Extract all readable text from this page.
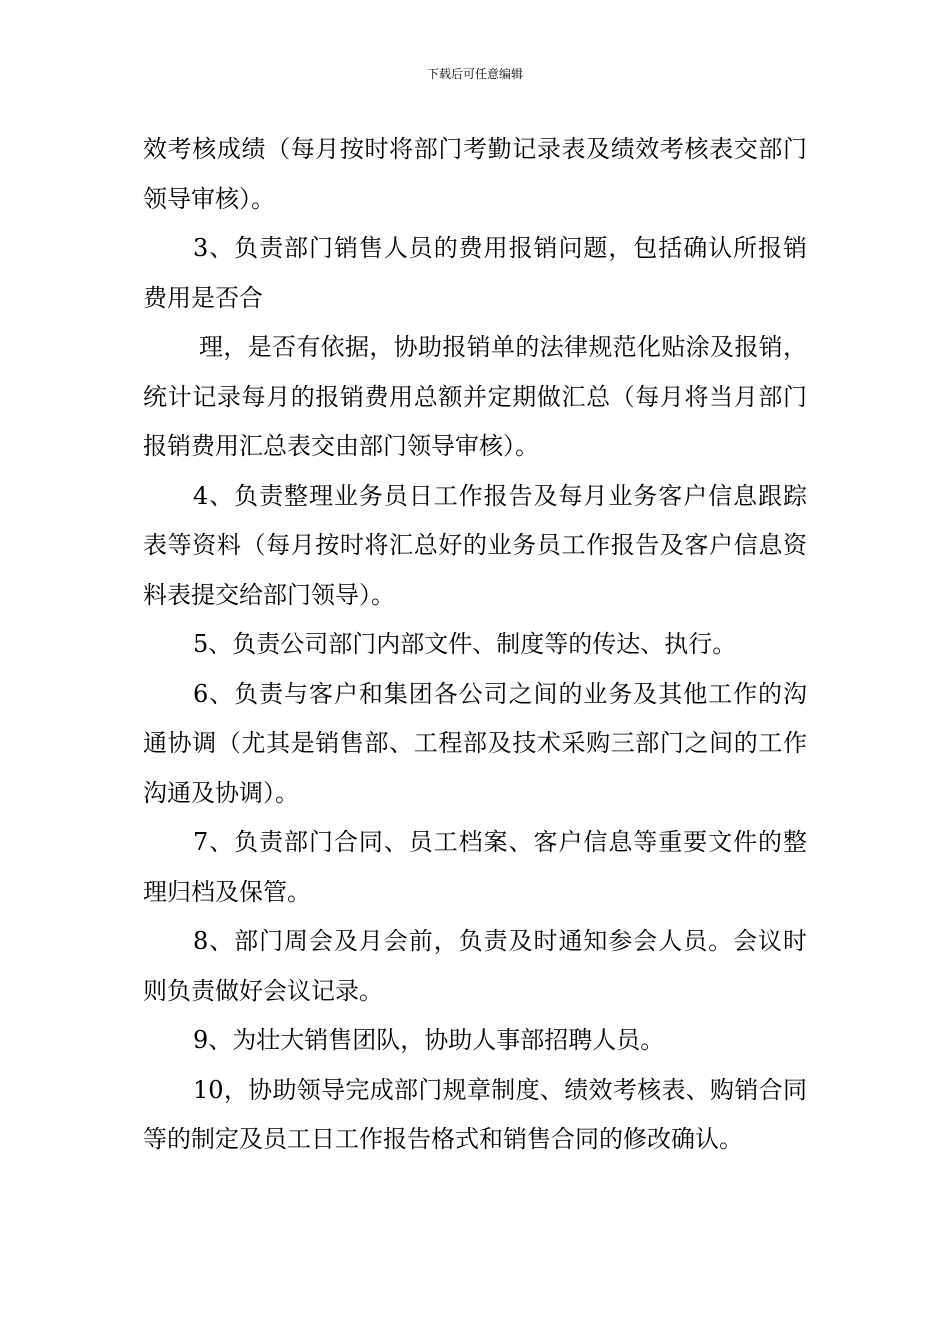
下载后可任意编辑

效考核成绩（每月按时将部门考勤记录表及绩效考核表交部门领导审核）。

3、负责部门销售人员的费用报销问题，包括确认所报销费用是否合

理，是否有依据，协助报销单的法律规范化贴涂及报销，统计记录每月的报销费用总额并定期做汇总（每月将当月部门报销费用汇总表交由部门领导审核）。

4、负责整理业务员日工作报告及每月业务客户信息跟踪表等资料（每月按时将汇总好的业务员工作报告及客户信息资料表提交给部门领导）。

5、负责公司部门内部文件、制度等的传达、执行。

6、负责与客户和集团各公司之间的业务及其他工作的沟通协调（尤其是销售部、工程部及技术采购三部门之间的工作沟通及协调）。

7、负责部门合同、员工档案、客户信息等重要文件的整理归档及保管。

8、部门周会及月会前，负责及时通知参会人员。会议时则负责做好会议记录。

9、为壮大销售团队，协助人事部招聘人员。

10，协助领导完成部门规章制度、绩效考核表、购销合同等的制定及员工日工作报告格式和销售合同的修改确认。
